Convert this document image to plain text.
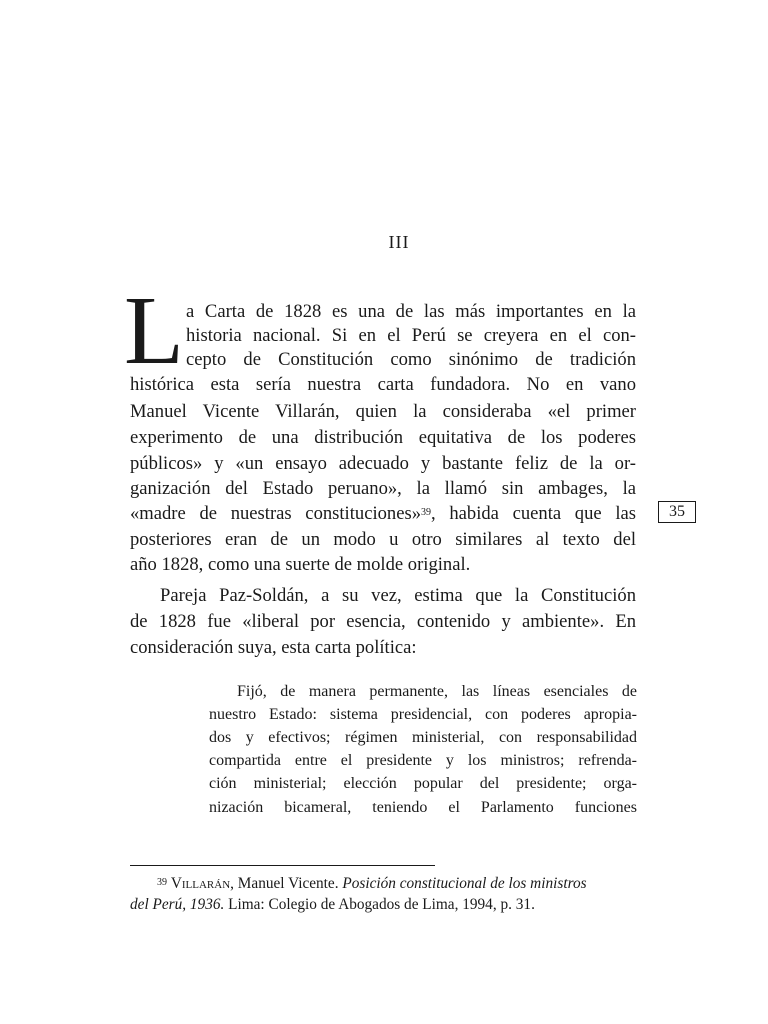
III
L a Carta de 1828 es una de las más importantes en la
historia nacional. Si en el Perú se creyera en el con-
cepto de Constitución como sinónimo de tradición
histórica esta sería nuestra carta fundadora. No en vano
Manuel Vicente Villarán, quien la consideraba «el primer
experimento de una distribución equitativa de los poderes
públicos» y «un ensayo adecuado y bastante feliz de la or-
ganización del Estado peruano», la llamó sin ambages, la
«madre de nuestras constituciones»$^{39}$, habida cuenta que las
posteriores eran de un modo u otro similares al texto del
año 1828, como una suerte de molde original.
35
Pareja Paz-Soldán, a su vez, estima que la Constitución
de 1828 fue «liberal por esencia, contenido y ambiente». En
consideración suya, esta carta política:
Fijó, de manera permanente, las líneas esenciales de
nuestro Estado: sistema presidencial, con poderes apropia-
dos y efectivos; régimen ministerial, con responsabilidad
compartida entre el presidente y los ministros; refrenda-
ción ministerial; elección popular del presidente; orga-
nización bicameral, teniendo el Parlamento funciones
$^{39}$ Villarán, Manuel Vicente. Posición constitucional de los ministros
del Perú, 1936. Lima: Colegio de Abogados de Lima, 1994, p. 31.
